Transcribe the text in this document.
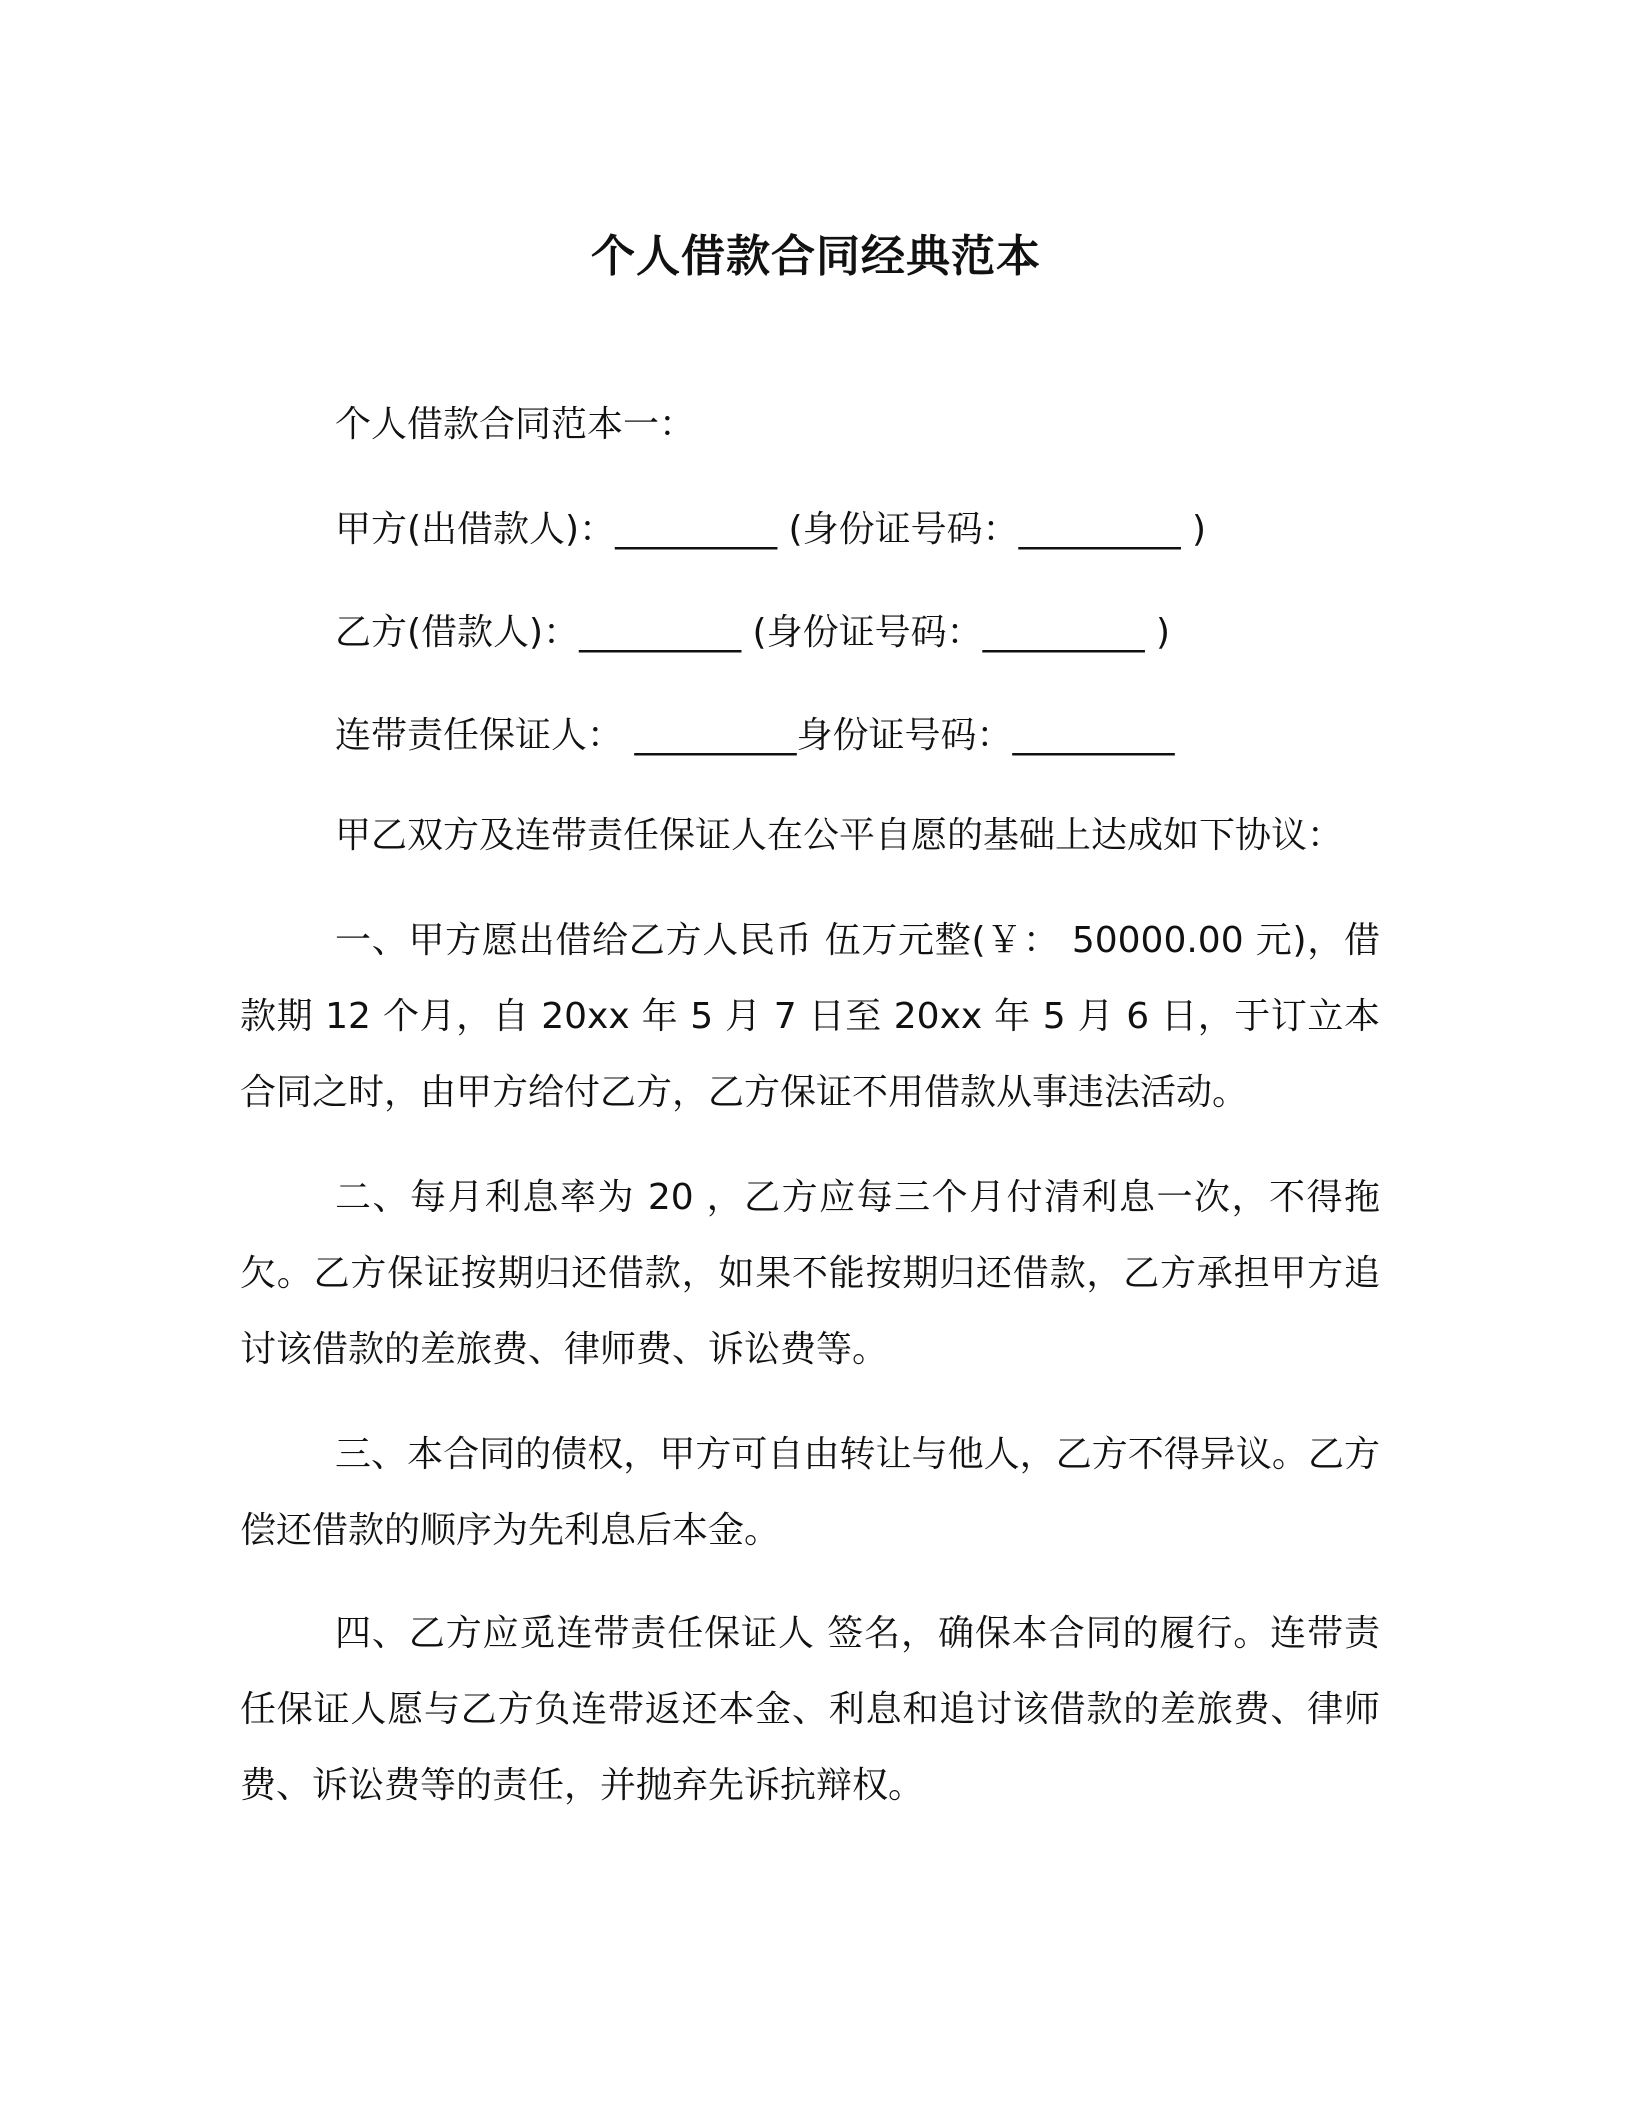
个人借款合同经典范本

个人借款合同范本一：

甲方(出借款人)：_________ (身份证号码：_________ )

乙方(借款人)：_________ (身份证号码：_________ )

连带责任保证人： _________身份证号码：_________

甲乙双方及连带责任保证人在公平自愿的基础上达成如下协议：

一、甲方愿出借给乙方人民币 伍万元整(￥： 50000.00 元)，借款期 12 个月，自 20xx 年 5 月 7 日至 20xx 年 5 月 6 日，于订立本合同之时，由甲方给付乙方，乙方保证不用借款从事违法活动。

二、每月利息率为 20 ，乙方应每三个月付清利息一次，不得拖欠。乙方保证按期归还借款，如果不能按期归还借款，乙方承担甲方追讨该借款的差旅费、律师费、诉讼费等。

三、本合同的债权，甲方可自由转让与他人，乙方不得异议。乙方偿还借款的顺序为先利息后本金。

四、乙方应觅连带责任保证人 签名，确保本合同的履行。连带责任保证人愿与乙方负连带返还本金、利息和追讨该借款的差旅费、律师费、诉讼费等的责任，并抛弃先诉抗辩权。
